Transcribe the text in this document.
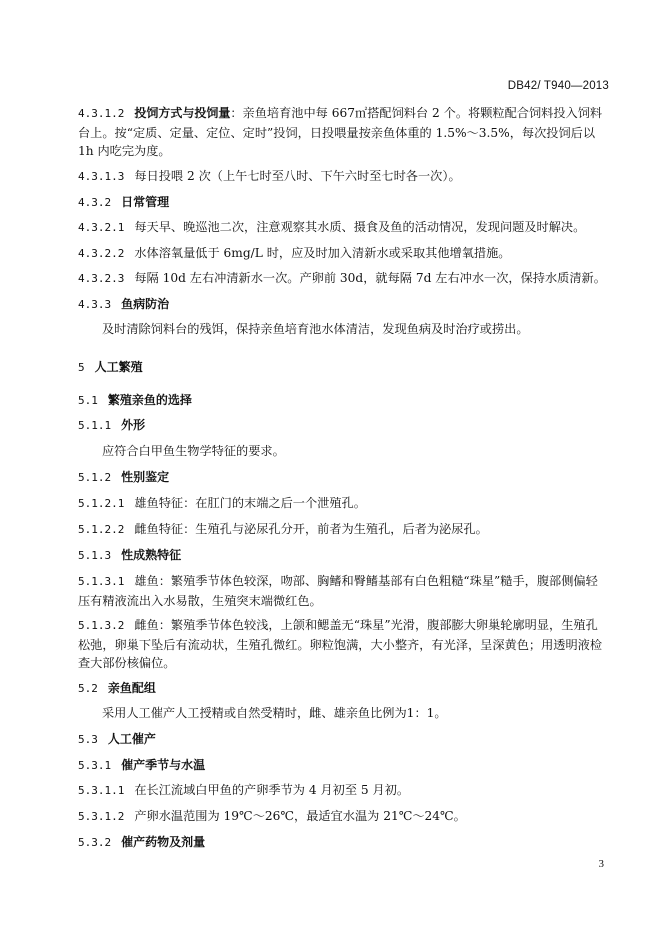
DB42/ T940—2013
4.3.1.2 投饲方式与投饲量：亲鱼培育池中每 667㎡搭配饲料台 2 个。将颗粒配合饲料投入饲料台上。按“定质、定量、定位、定时”投饲，日投喂量按亲鱼体重的 1.5%～3.5%，每次投饲后以 1h 内吃完为度。
4.3.1.3 每日投喂 2 次（上午七时至八时、下午六时至七时各一次）。
4.3.2 日常管理
4.3.2.1 每天早、晚巡池二次，注意观察其水质、摄食及鱼的活动情况，发现问题及时解决。
4.3.2.2 水体溶氧量低于 6mg/L 时，应及时加入清新水或采取其他增氧措施。
4.3.2.3 每隔 10d 左右冲清新水一次。产卵前 30d，就每隔 7d 左右冲水一次，保持水质清新。
4.3.3 鱼病防治
及时清除饲料台的残饵，保持亲鱼培育池水体清洁，发现鱼病及时治疗或捞出。
5 人工繁殖
5.1 繁殖亲鱼的选择
5.1.1 外形
应符合白甲鱼生物学特征的要求。
5.1.2 性别鉴定
5.1.2.1 雄鱼特征：在肛门的末端之后一个泄殖孔。
5.1.2.2 雌鱼特征：生殖孔与泌尿孔分开，前者为生殖孔，后者为泌尿孔。
5.1.3 性成熟特征
5.1.3.1 雄鱼：繁殖季节体色较深，吻部、胸鳍和臀鳍基部有白色粗糙“珠星”糙手，腹部侧偏轻压有精液流出入水易散，生殖突末端微红色。
5.1.3.2 雌鱼：繁殖季节体色较浅，上颌和鳃盖无“珠星”光滑，腹部膨大卵巢轮廓明显，生殖孔松弛，卵巢下坠后有流动状，生殖孔微红。卵粒饱满，大小整齐，有光泽，呈深黄色；用透明液检查大部份核偏位。
5.2 亲鱼配组
采用人工催产人工授精或自然受精时，雌、雄亲鱼比例为1：1。
5.3 人工催产
5.3.1 催产季节与水温
5.3.1.1 在长江流域白甲鱼的产卵季节为 4 月初至 5 月初。
5.3.1.2 产卵水温范围为 19℃～26℃，最适宜水温为 21℃～24℃。
5.3.2 催产药物及剂量
3
